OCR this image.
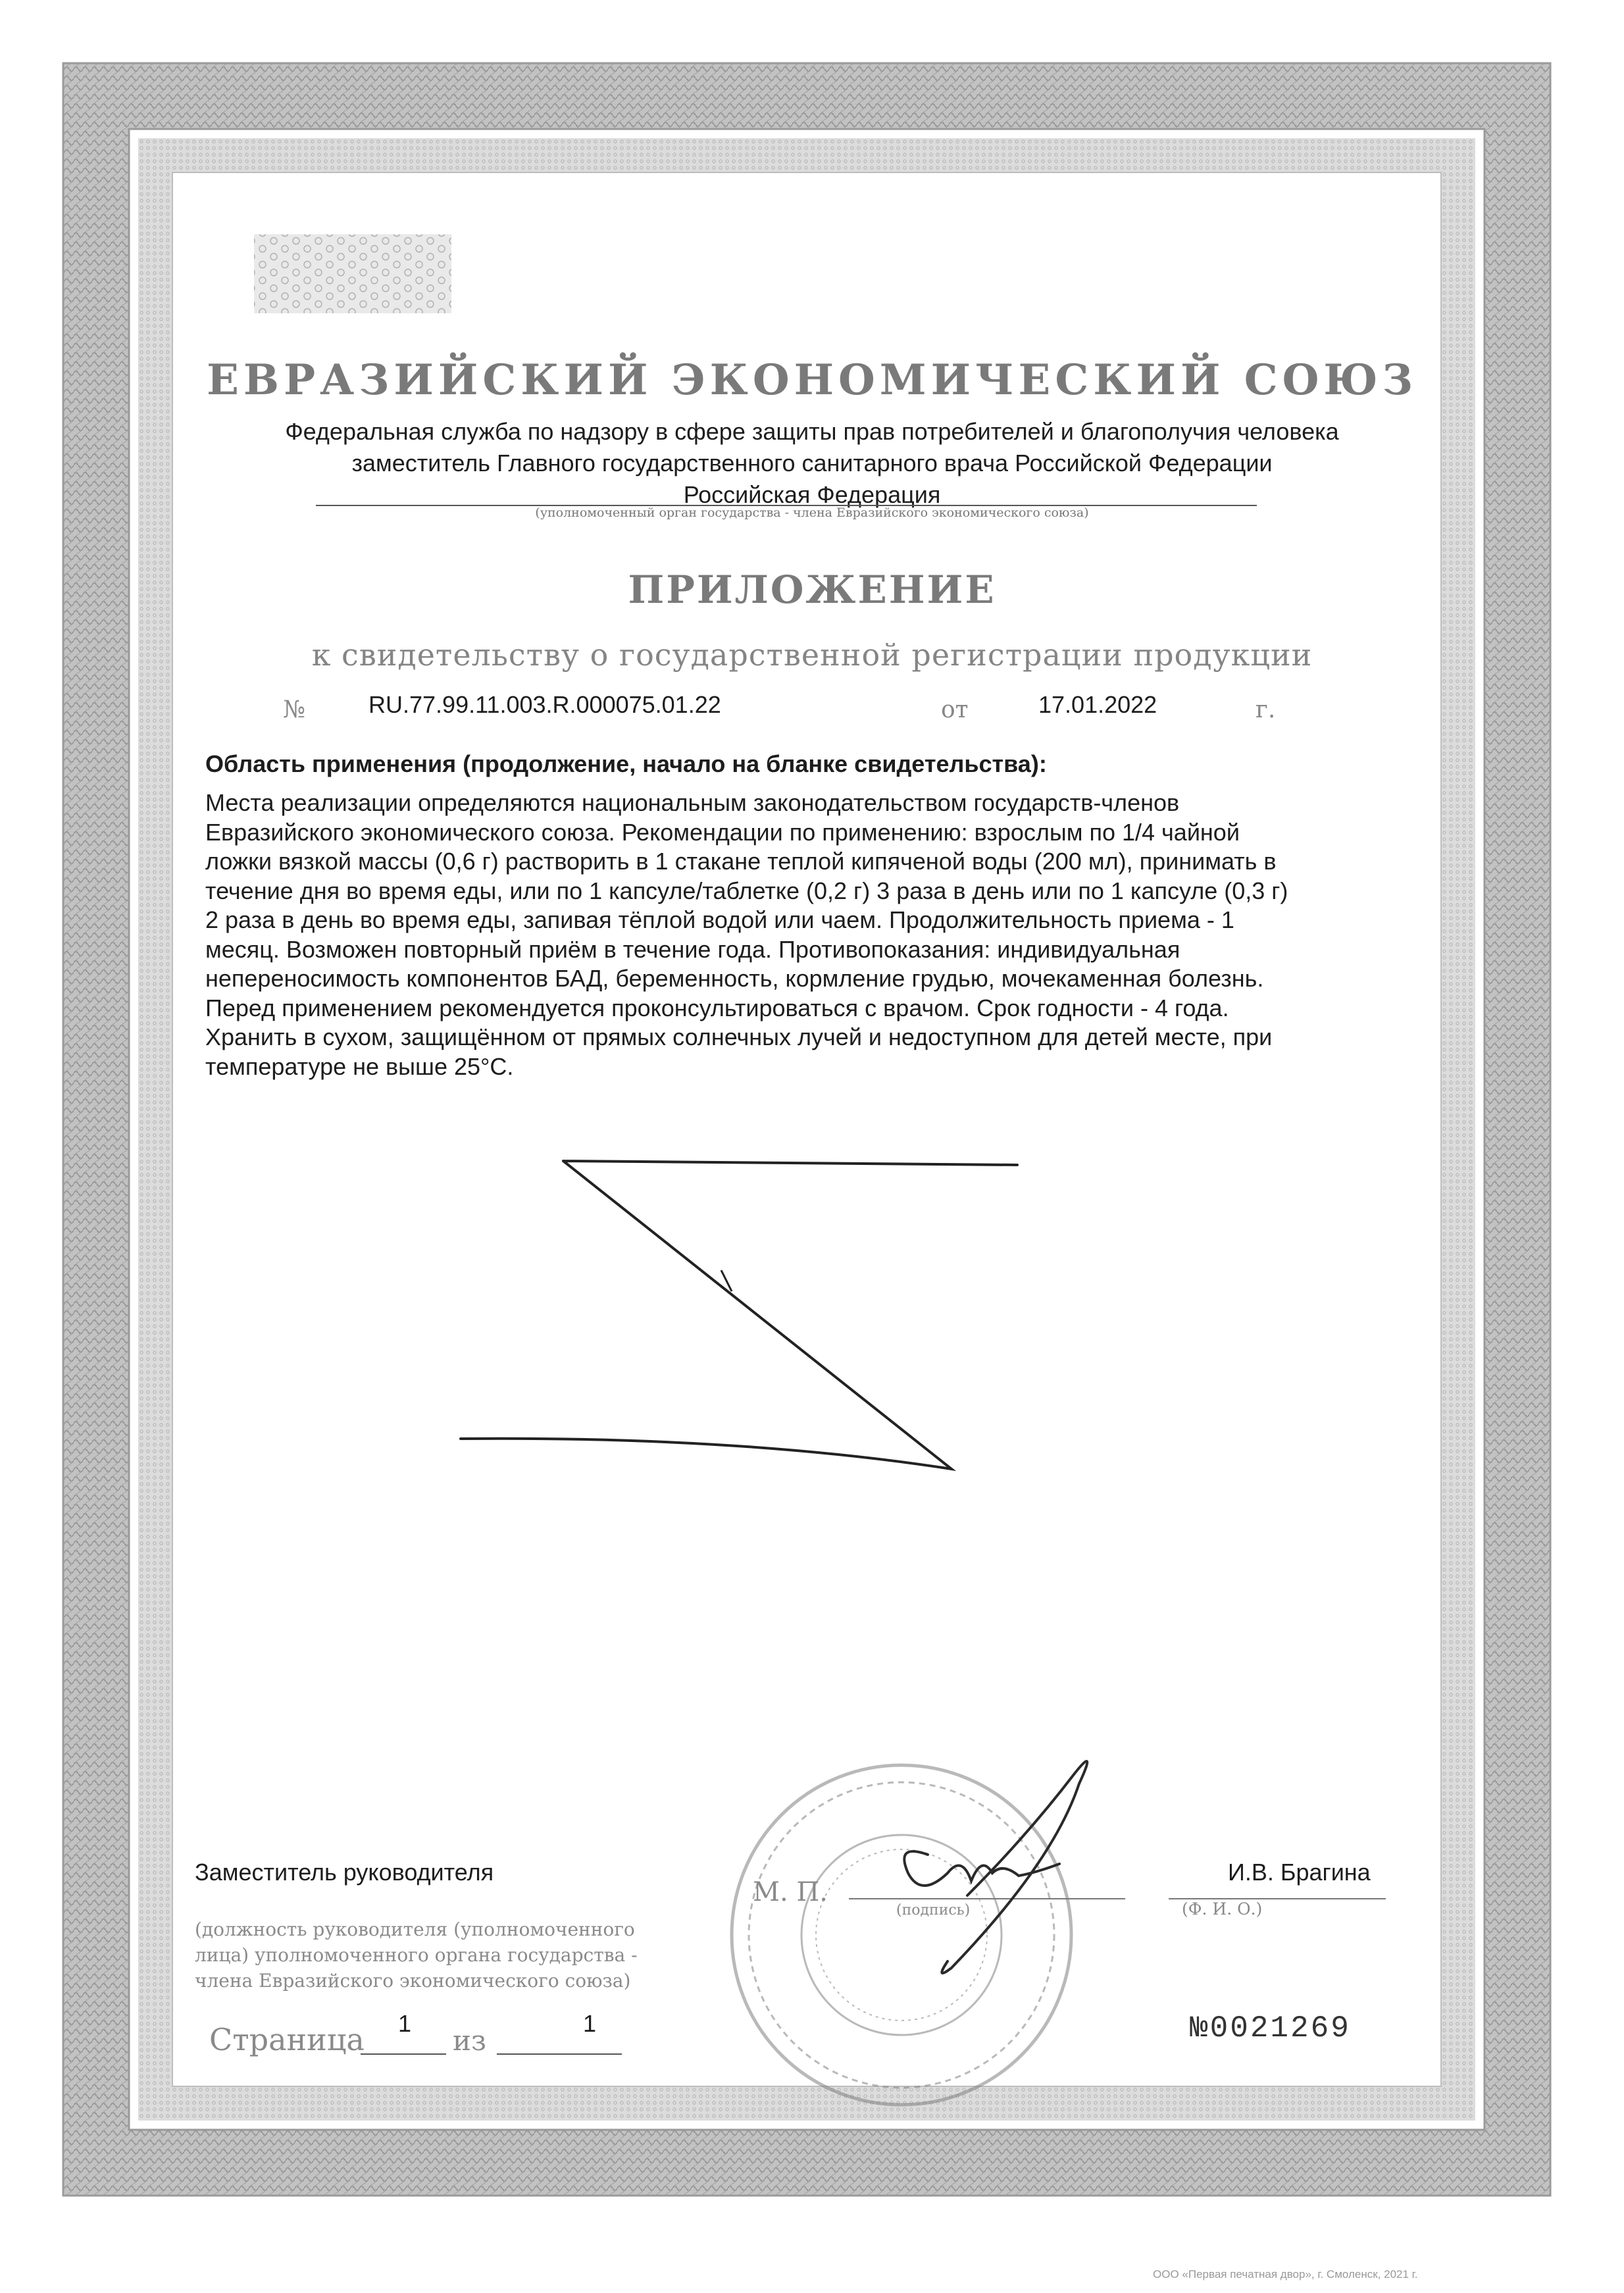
ЕВРАЗИЙСКИЙ ЭКОНОМИЧЕСКИЙ СОЮЗ

Федеральная служба по надзору в сфере защиты прав потребителей и благополучия человека
заместитель Главного государственного санитарного врача Российской Федерации
Российская Федерация

(уполномоченный орган государства - члена Евразийского экономического союза)

ПРИЛОЖЕНИЕ

к свидетельству о государственной регистрации продукции

№	RU.77.99.11.003.R.000075.01.22	от	17.01.2022	г.

Область применения (продолжение, начало на бланке свидетельства):

Места реализации определяются национальным законодательством государств-членов
Евразийского экономического союза. Рекомендации по применению: взрослым по 1/4 чайной
ложки вязкой массы (0,6 г) растворить в 1 стакане теплой кипяченой воды (200 мл), принимать в
течение дня во время еды, или по 1 капсуле/таблетке (0,2 г) 3 раза в день или по 1 капсуле (0,3 г)
2 раза в день во время еды, запивая тёплой водой или чаем. Продолжительность приема - 1
месяц. Возможен повторный приём в течение года. Противопоказания: индивидуальная
непереносимость компонентов БАД, беременность, кормление грудью, мочекаменная болезнь.
Перед применением рекомендуется проконсультироваться с врачом. Срок годности - 4 года.
Хранить в сухом, защищённом от прямых солнечных лучей и недоступном для детей месте, при
температуре не выше 25°С.

Заместитель руководителя

М. П.

(подпись)	(Ф. И. О.)

И.В. Брагина

(должность руководителя (уполномоченного
лица) уполномоченного органа государства -
члена Евразийского экономического союза)

Страница 1

из

1	№0021269

ООО «Первая печатная двор», г. Смоленск, 2021 г.
